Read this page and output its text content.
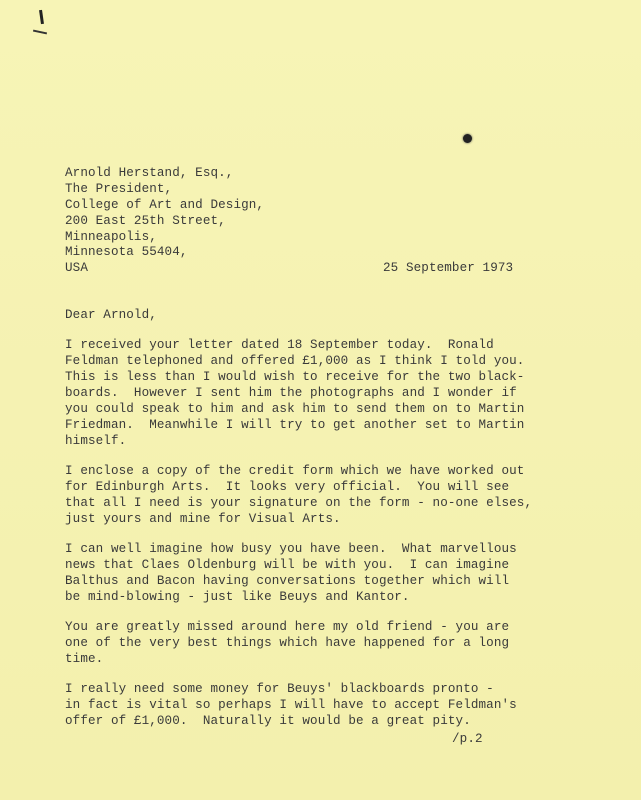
Arnold Herstand, Esq.,
The President,
College of Art and Design,
200 East 25th Street,
Minneapolis,
Minnesota 55404,
USA	25 September 1973
Dear Arnold,
I received your letter dated 18 September today.  Ronald
Feldman telephoned and offered £1,000 as I think I told you.
This is less than I would wish to receive for the two black-
boards.  However I sent him the photographs and I wonder if
you could speak to him and ask him to send them on to Martin
Friedman.  Meanwhile I will try to get another set to Martin
himself.
I enclose a copy of the credit form which we have worked out
for Edinburgh Arts.  It looks very official.  You will see
that all I need is your signature on the form - no-one elses,
just yours and mine for Visual Arts.
I can well imagine how busy you have been.  What marvellous
news that Claes Oldenburg will be with you.  I can imagine
Balthus and Bacon having conversations together which will
be mind-blowing - just like Beuys and Kantor.
You are greatly missed around here my old friend - you are
one of the very best things which have happened for a long
time.
I really need some money for Beuys' blackboards pronto -
in fact is vital so perhaps I will have to accept Feldman's
offer of £1,000.  Naturally it would be a great pity.
/p.2
